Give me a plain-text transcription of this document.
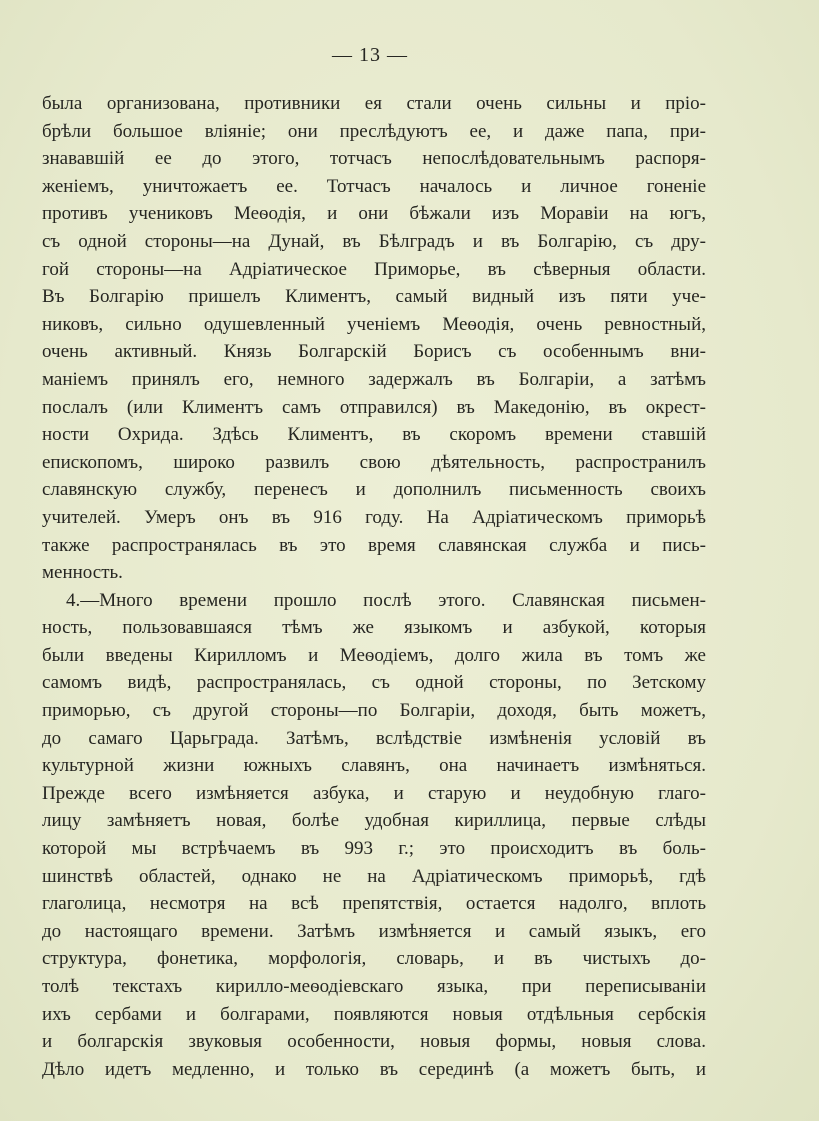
— 13 —
была организована, противники ея стали очень сильны и пріо-
брѣли большое вліяніе; они преслѣдуютъ ее, и даже папа, при-
знававшій ее до этого, тотчасъ непослѣдовательнымъ распоря-
женіемъ, уничтожаетъ ее. Тотчасъ началось и личное гоненіе
противъ учениковъ Меѳодія, и они бѣжали изъ Моравіи на югъ,
съ одной стороны—на Дунай, въ Бѣлградъ и въ Болгарію, съ дру-
гой стороны—на Адріатическое Приморье, въ сѣверныя области.
Въ Болгарію пришелъ Климентъ, самый видный изъ пяти уче-
никовъ, сильно одушевленный ученіемъ Меѳодія, очень ревностный,
очень активный. Князь Болгарскій Борисъ съ особеннымъ вни-
маніемъ принялъ его, немного задержалъ въ Болгаріи, а затѣмъ
послалъ (или Климентъ самъ отправился) въ Македонію, въ окрест-
ности Охрида. Здѣсь Климентъ, въ скоромъ времени ставшій
епископомъ, широко развилъ свою дѣятельность, распространилъ
славянскую службу, перенесъ и дополнилъ письменность своихъ
учителей. Умеръ онъ въ 916 году. На Адріатическомъ приморьѣ
также распространялась въ это время славянская служба и пись-
менность.
4.—Много времени прошло послѣ этого. Славянская письмен-
ность, пользовавшаяся тѣмъ же языкомъ и азбукой, которыя
были введены Кирилломъ и Меѳодіемъ, долго жила въ томъ же
самомъ видѣ, распространялась, съ одной стороны, по Зетскому
приморью, съ другой стороны—по Болгаріи, доходя, быть можетъ,
до самаго Царьграда. Затѣмъ, вслѣдствіе измѣненія условій въ
культурной жизни южныхъ славянъ, она начинаетъ измѣняться.
Прежде всего измѣняется азбука, и старую и неудобную глаго-
лицу замѣняетъ новая, болѣе удобная кириллица, первые слѣды
которой мы встрѣчаемъ въ 993 г.; это происходитъ въ боль-
шинствѣ областей, однако не на Адріатическомъ приморьѣ, гдѣ
глаголица, несмотря на всѣ препятствія, остается надолго, вплоть
до настоящаго времени. Затѣмъ измѣняется и самый языкъ, его
структура, фонетика, морфологія, словарь, и въ чистыхъ до-
толѣ текстахъ кирилло-меѳодіевскаго языка, при переписываніи
ихъ сербами и болгарами, появляются новыя отдѣльныя сербскія
и болгарскія звуковыя особенности, новыя формы, новыя слова.
Дѣло идетъ медленно, и только въ серединѣ (а можетъ быть, и
